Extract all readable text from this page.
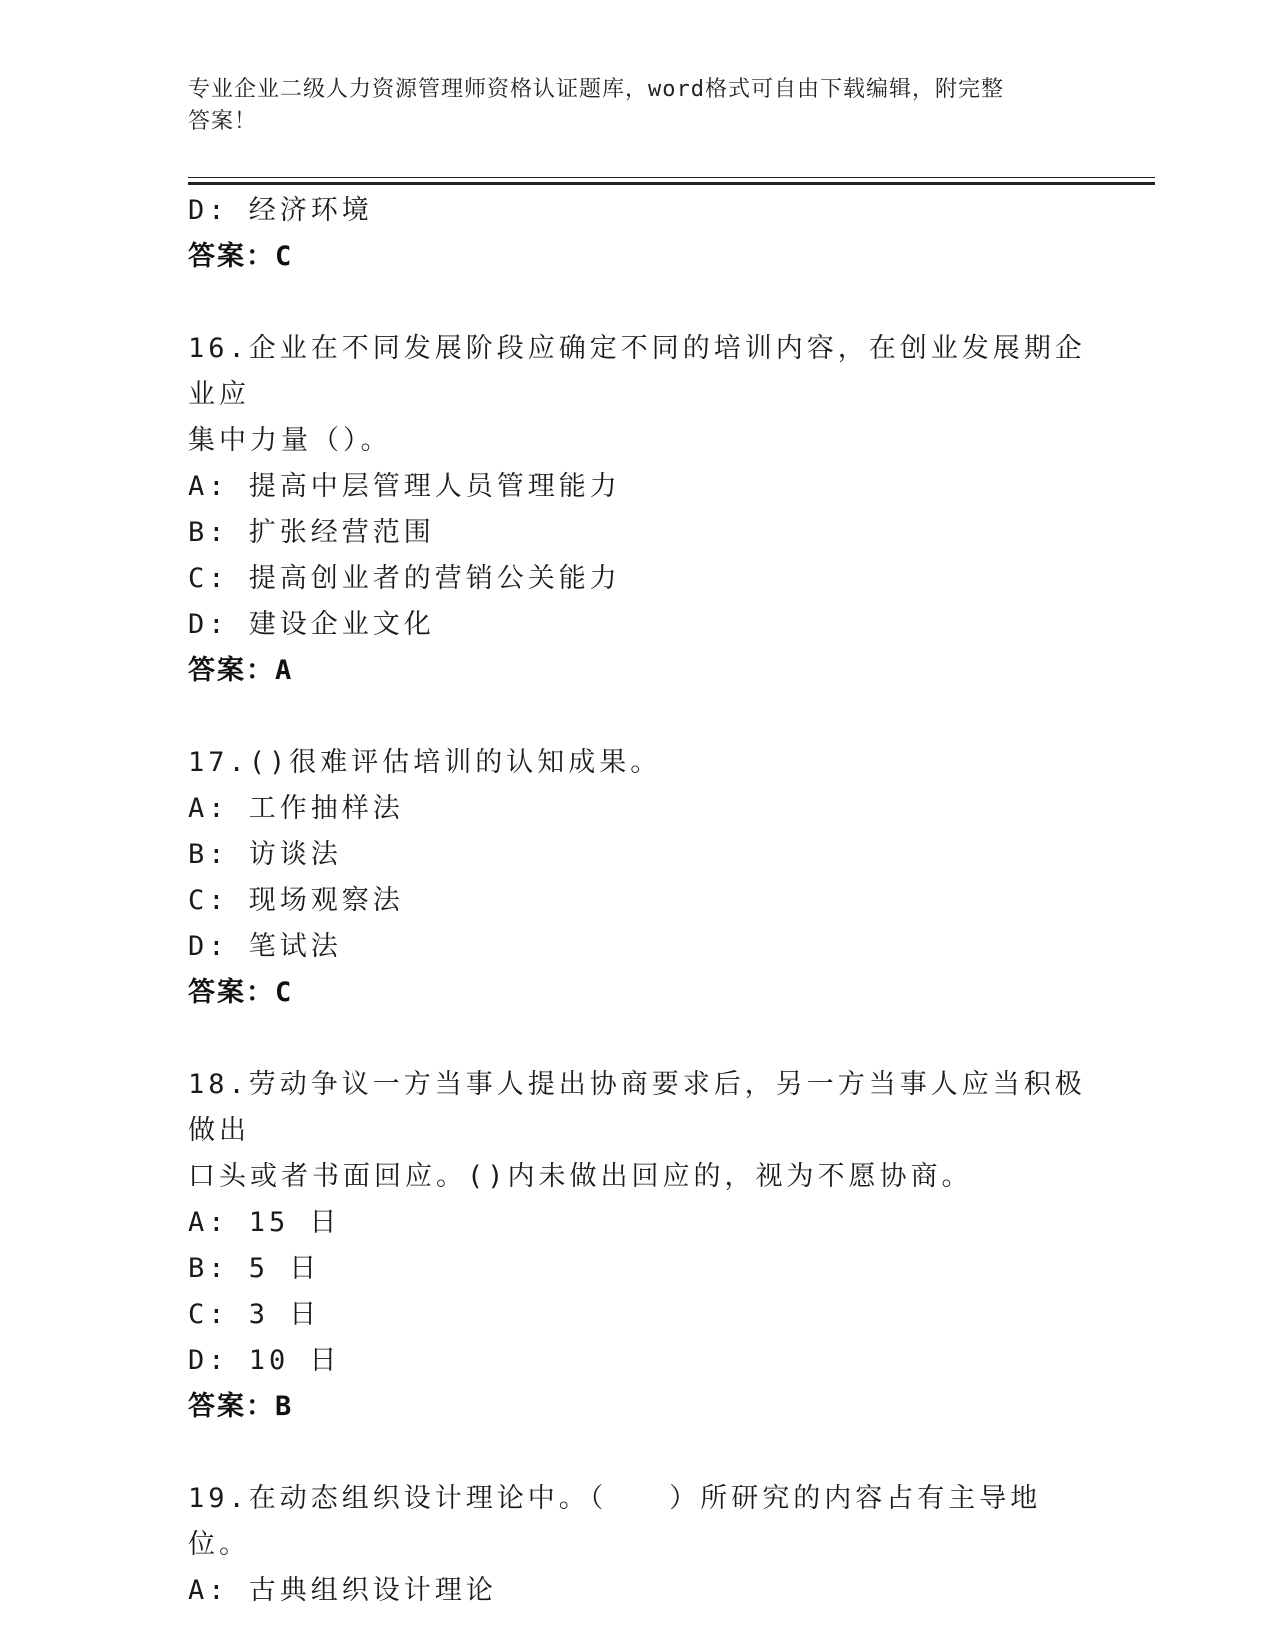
专业企业二级人力资源管理师资格认证题库，word格式可自由下载编辑，附完整
答案！
D: 经济环境
答案：C
16.企业在不同发展阶段应确定不同的培训内容，在创业发展期企业应
集中力量（）。
A: 提高中层管理人员管理能力
B: 扩张经营范围
C: 提高创业者的营销公关能力
D: 建设企业文化
答案：A
17.()很难评估培训的认知成果。
A: 工作抽样法
B: 访谈法
C: 现场观察法
D: 笔试法
答案：C
18.劳动争议一方当事人提出协商要求后，另一方当事人应当积极做出
口头或者书面回应。()内未做出回应的，视为不愿协商。
A: 15 日
B: 5 日
C: 3 日
D: 10 日
答案：B
19.在动态组织设计理论中。（　　）所研究的内容占有主导地位。
A: 古典组织设计理论
